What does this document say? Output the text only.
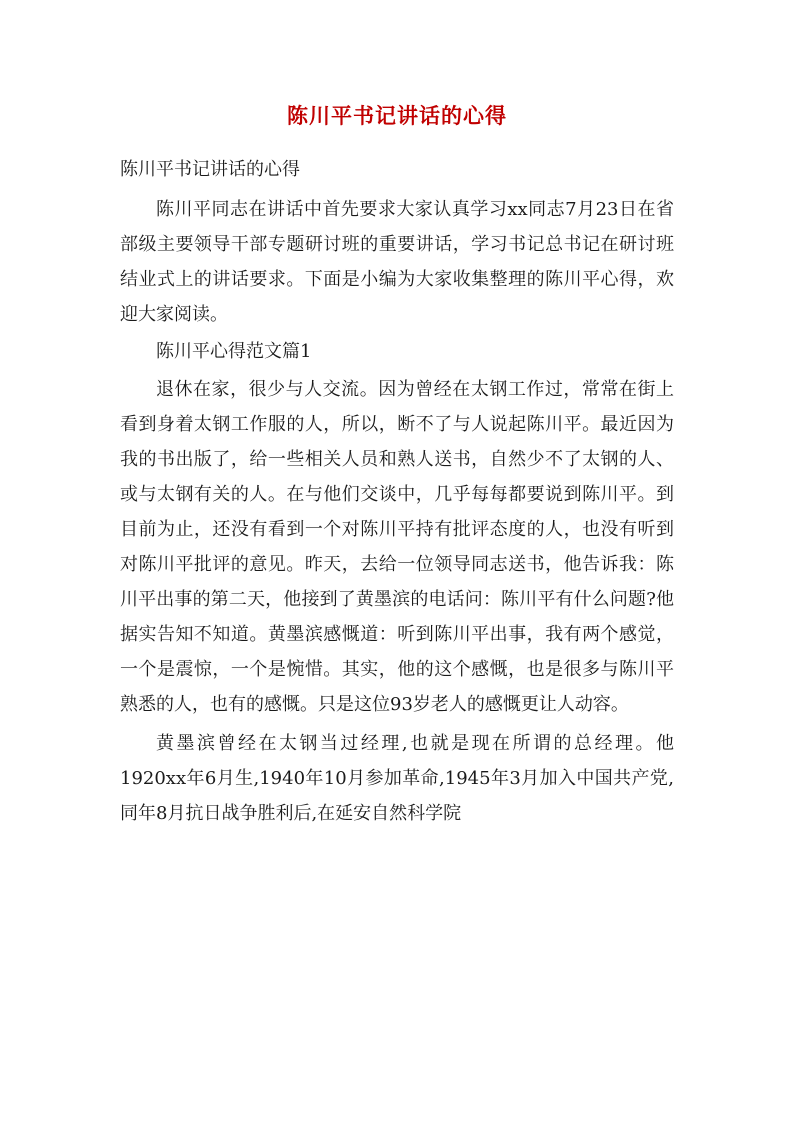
陈川平书记讲话的心得

陈川平书记讲话的心得

陈川平同志在讲话中首先要求大家认真学习xx同志7月23日在省部级主要领导干部专题研讨班的重要讲话，学习书记总书记在研讨班结业式上的讲话要求。下面是小编为大家收集整理的陈川平心得，欢迎大家阅读。

陈川平心得范文篇1

退休在家，很少与人交流。因为曾经在太钢工作过，常常在街上看到身着太钢工作服的人，所以，断不了与人说起陈川平。最近因为我的书出版了，给一些相关人员和熟人送书，自然少不了太钢的人、或与太钢有关的人。在与他们交谈中，几乎每每都要说到陈川平。到目前为止，还没有看到一个对陈川平持有批评态度的人，也没有听到对陈川平批评的意见。昨天，去给一位领导同志送书，他告诉我：陈川平出事的第二天，他接到了黄墨滨的电话问：陈川平有什么问题?他据实告知不知道。黄墨滨感慨道：听到陈川平出事，我有两个感觉，一个是震惊，一个是惋惜。其实，他的这个感慨，也是很多与陈川平熟悉的人，也有的感慨。只是这位93岁老人的感慨更让人动容。

黄墨滨曾经在太钢当过经理,也就是现在所谓的总经理。他1920xx年6月生,1940年10月参加革命,1945年3月加入中国共产党,同年8月抗日战争胜利后,在延安自然科学院
